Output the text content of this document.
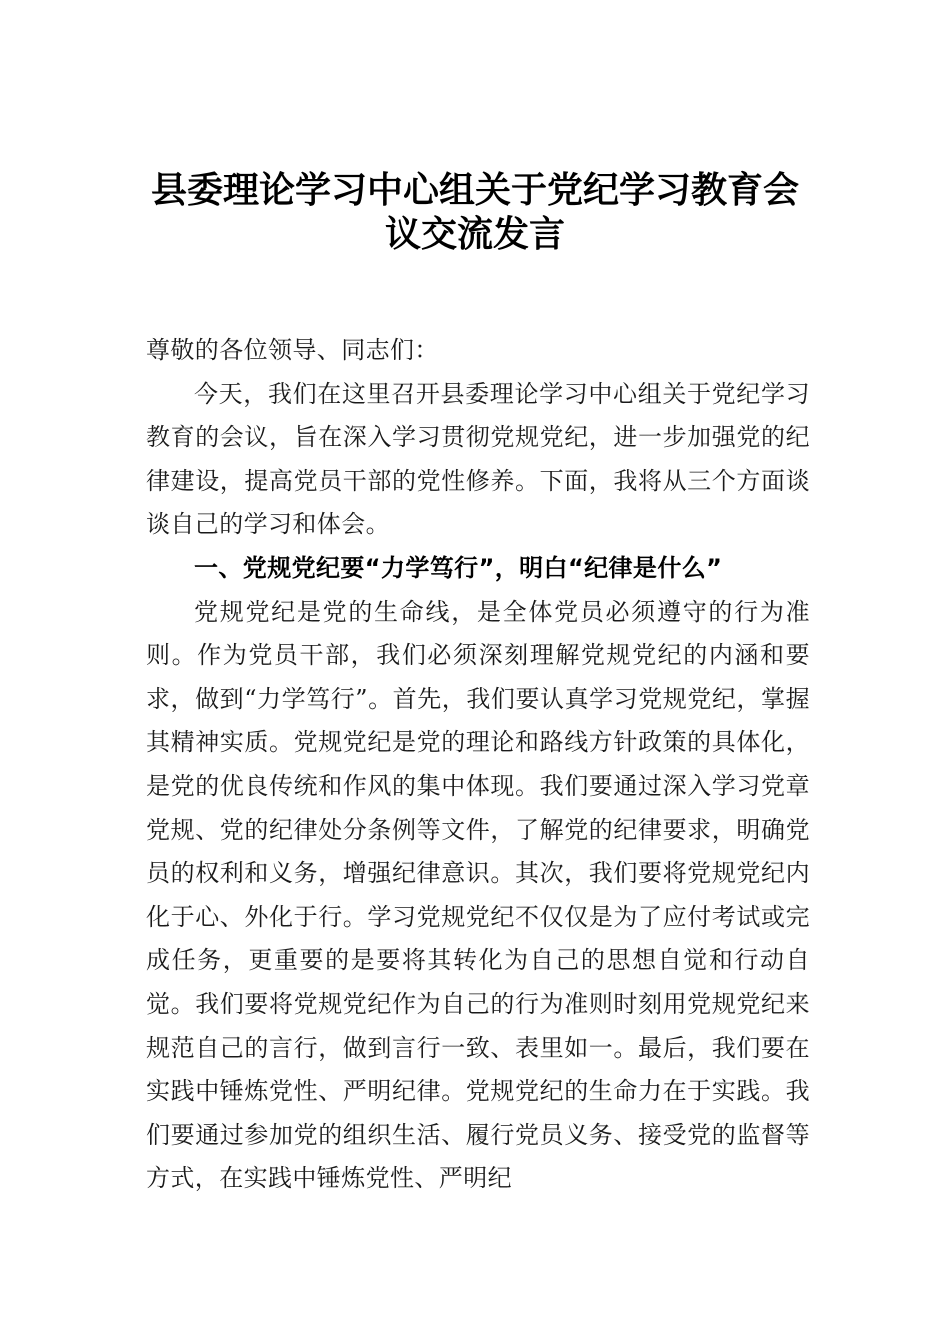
县委理论学习中心组关于党纪学习教育会
议交流发言

尊敬的各位领导、同志们：

今天，我们在这里召开县委理论学习中心组关于党纪学习教育的会议，旨在深入学习贯彻党规党纪，进一步加强党的纪律建设，提高党员干部的党性修养。下面，我将从三个方面谈谈自己的学习和体会。

一、党规党纪要“力学笃行”，明白“纪律是什么”

党规党纪是党的生命线，是全体党员必须遵守的行为准则。作为党员干部，我们必须深刻理解党规党纪的内涵和要求，做到“力学笃行”。首先，我们要认真学习党规党纪，掌握其精神实质。党规党纪是党的理论和路线方针政策的具体化，是党的优良传统和作风的集中体现。我们要通过深入学习党章党规、党的纪律处分条例等文件，了解党的纪律要求，明确党员的权利和义务，增强纪律意识。其次，我们要将党规党纪内化于心、外化于行。学习党规党纪不仅仅是为了应付考试或完成任务，更重要的是要将其转化为自己的思想自觉和行动自觉。我们要将党规党纪作为自己的行为准则时刻用党规党纪来规范自己的言行，做到言行一致、表里如一。最后，我们要在实践中锤炼党性、严明纪律。党规党纪的生命力在于实践。我们要通过参加党的组织生活、履行党员义务、接受党的监督等方式，在实践中锤炼党性、严明纪
